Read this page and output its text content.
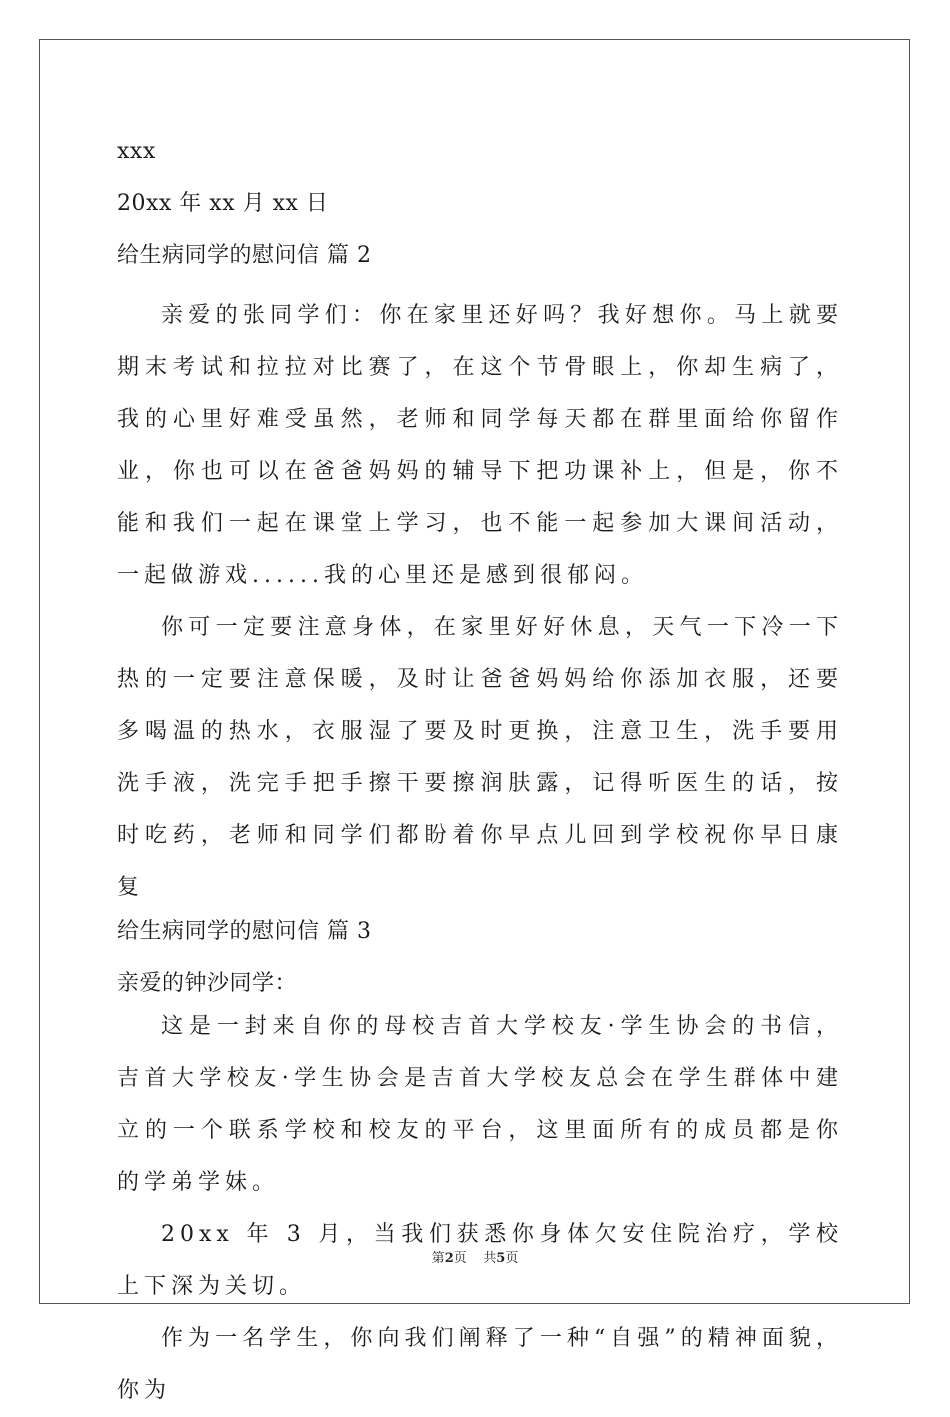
xxx
20xx 年 xx 月 xx 日
给生病同学的慰问信 篇 2

亲爱的张同学们：你在家里还好吗？我好想你。马上就要期末考试和拉拉对比赛了，在这个节骨眼上，你却生病了，我的心里好难受虽然，老师和同学每天都在群里面给你留作业，你也可以在爸爸妈妈的辅导下把功课补上，但是，你不能和我们一起在课堂上学习，也不能一起参加大课间活动，一起做游戏......我的心里还是感到很郁闷。

你可一定要注意身体，在家里好好休息，天气一下冷一下热的一定要注意保暖，及时让爸爸妈妈给你添加衣服，还要多喝温的热水，衣服湿了要及时更换，注意卫生，洗手要用洗手液，洗完手把手擦干要擦润肤露，记得听医生的话，按时吃药，老师和同学们都盼着你早点儿回到学校祝你早日康复

给生病同学的慰问信 篇 3
亲爱的钟沙同学：

这是一封来自你的母校吉首大学校友·学生协会的书信，吉首大学校友·学生协会是吉首大学校友总会在学生群体中建立的一个联系学校和校友的平台，这里面所有的成员都是你的学弟学妹。

20xx 年 3 月，当我们获悉你身体欠安住院治疗，学校上下深为关切。

作为一名学生，你向我们阐释了一种“自强”的精神面貌，你为

第2页    共5页
